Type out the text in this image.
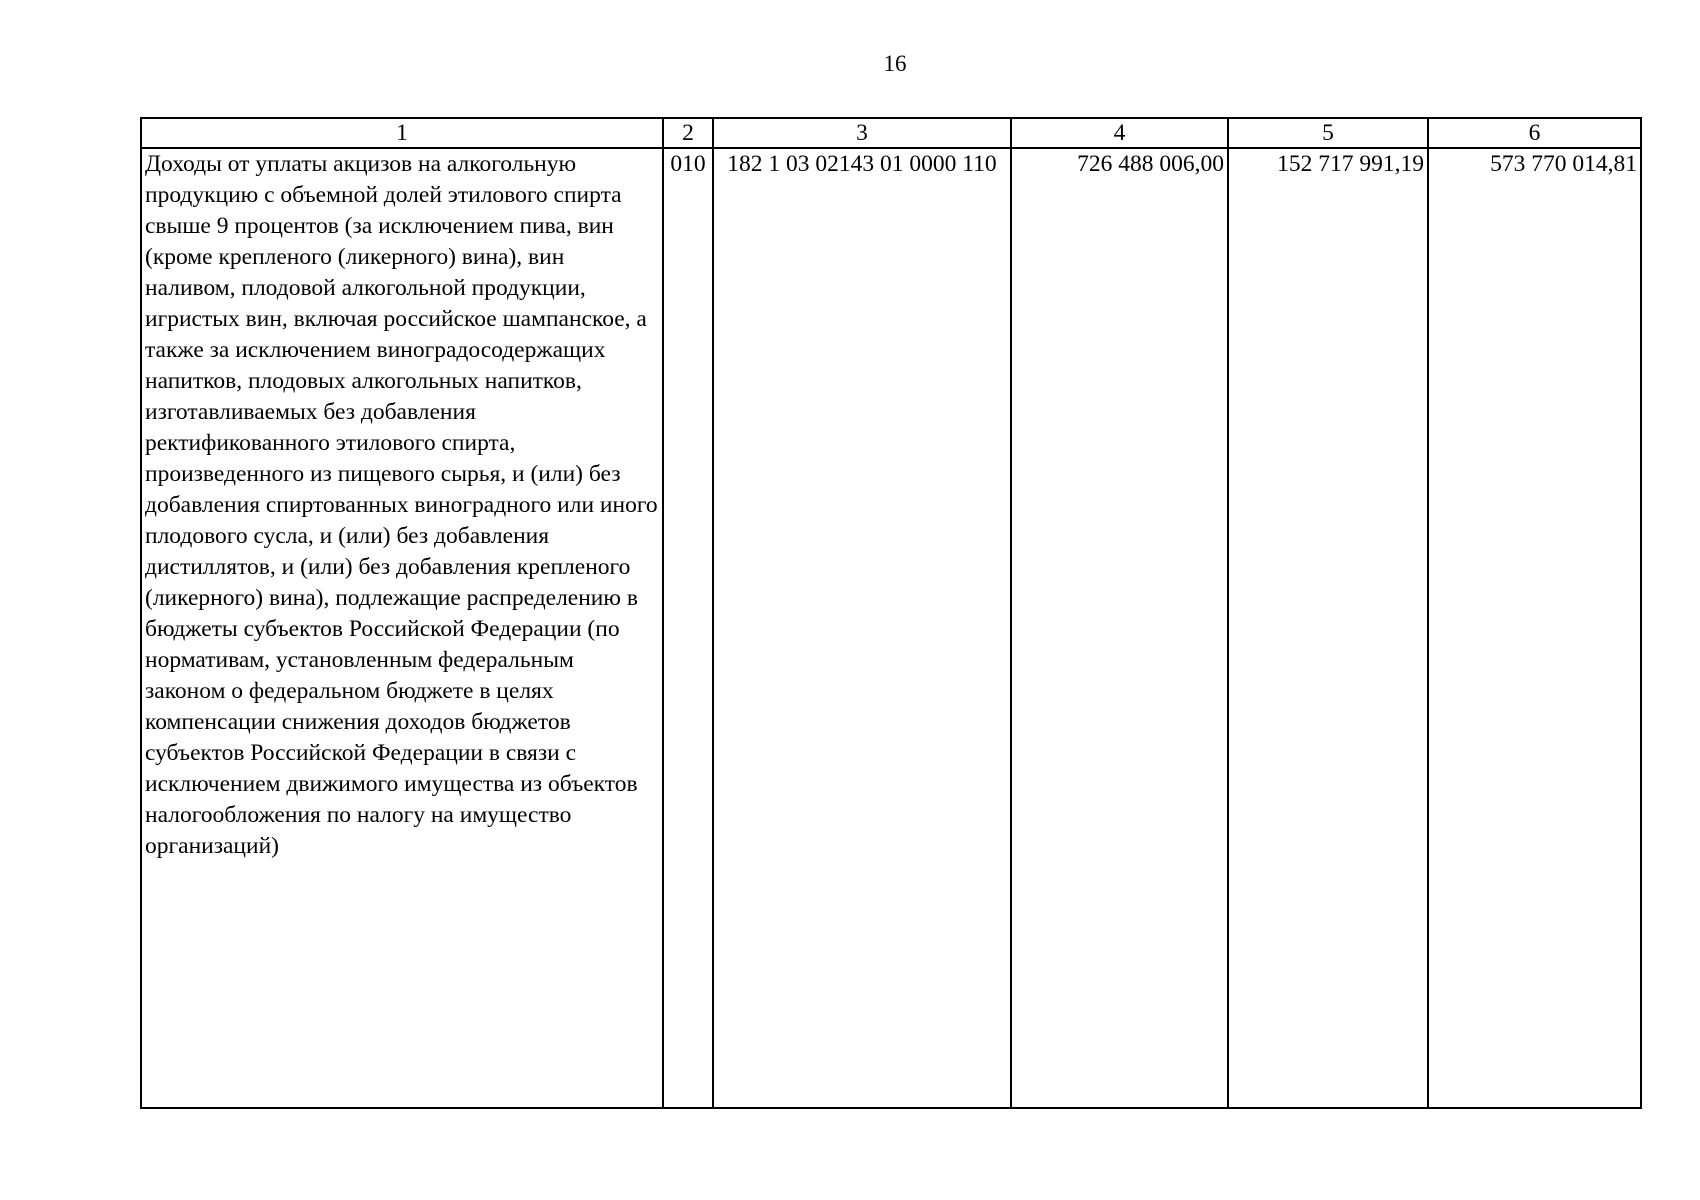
16
1	2	3	4	5	6
Доходы от уплаты акцизов на алкогольную продукцию с объемной долей этилового спирта свыше 9 процентов (за исключением пива, вин (кроме крепленого (ликерного) вина), вин наливом, плодовой алкогольной продукции, игристых вин, включая российское шампанское, а также за исключением виноградосодержащих напитков, плодовых алкогольных напитков, изготавливаемых без добавления ректификованного этилового спирта, произведенного из пищевого сырья, и (или) без добавления спиртованных виноградного или иного плодового сусла, и (или) без добавления дистиллятов, и (или) без добавления крепленого (ликерного) вина), подлежащие распределению в бюджеты субъектов Российской Федерации (по нормативам, установленным федеральным законом о федеральном бюджете в целях компенсации снижения доходов бюджетов субъектов Российской Федерации в связи с исключением движимого имущества из объектов налогообложения по налогу на имущество организаций)	010	182 1 03 02143 01 0000 110	726 488 006,00	152 717 991,19	573 770 014,81
